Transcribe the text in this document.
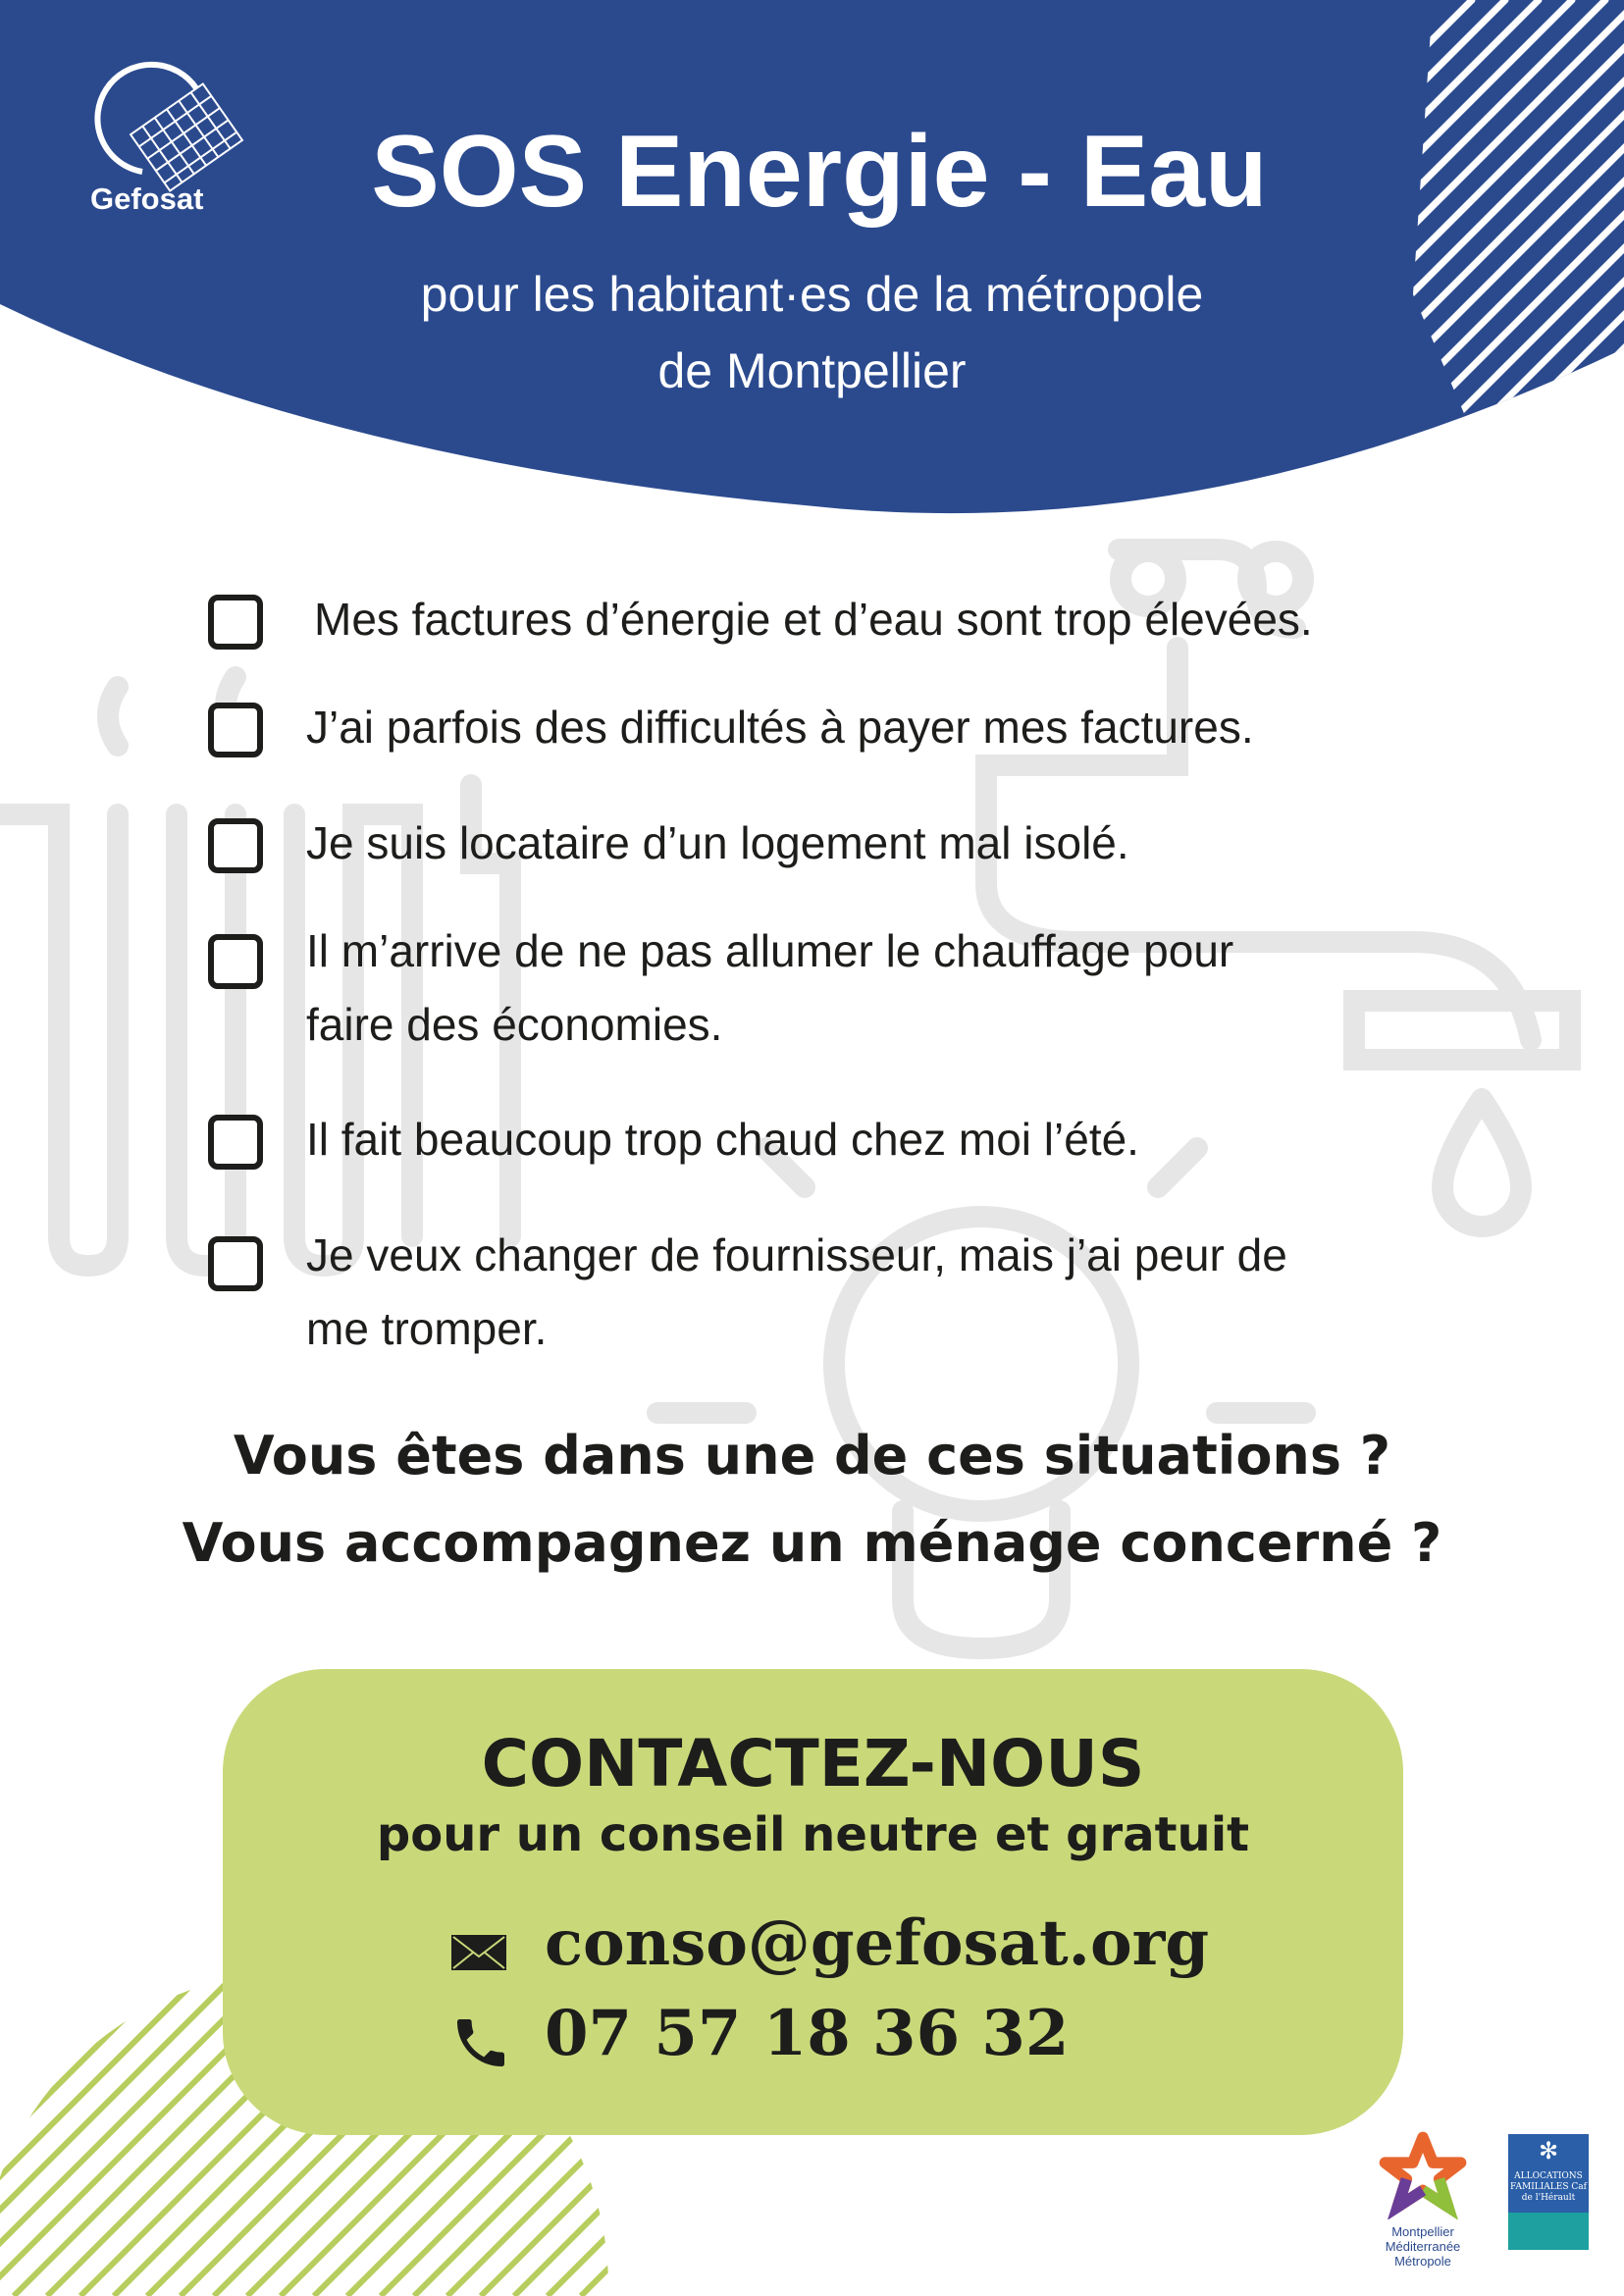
Gefosat	SOS Energie - Eau
pour les habitant·es de la métropole
de Montpellier
Mes factures d’énergie et d’eau sont trop élevées.
J’ai parfois des difficultés à payer mes factures.
Je suis locataire d’un logement mal isolé.
Il m’arrive de ne pas allumer le chauffage pour
faire des économies.
Il fait beaucoup trop chaud chez moi l’été.
Je veux changer de fournisseur, mais j’ai peur de
me tromper.
Vous êtes dans une de ces situations ?
Vous accompagnez un ménage concerné ?
CONTACTEZ-NOUS
pour un conseil neutre et gratuit
conso@gefosat.org
07 57 18 36 32
Montpellier Méditerranée Métropole
✻
ALLOCATIONS FAMILIALES Caf de l'Hérault
